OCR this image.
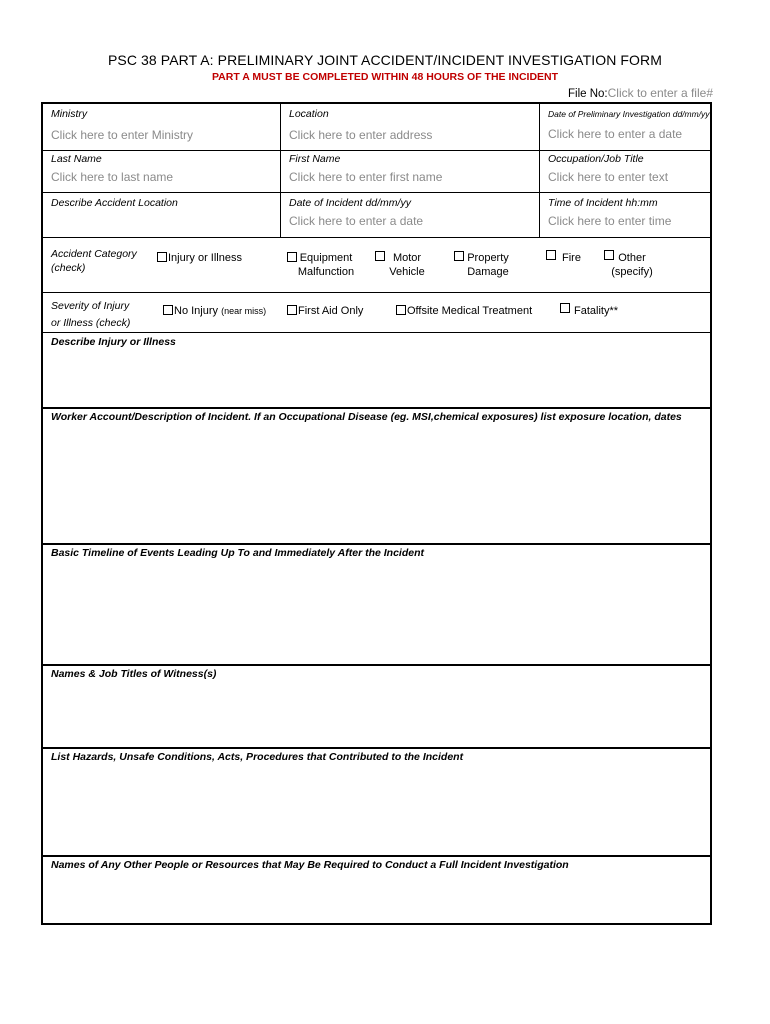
PSC 38 PART A: PRELIMINARY JOINT ACCIDENT/INCIDENT INVESTIGATION FORM
PART A MUST BE COMPLETED WITHIN 48 HOURS OF THE INCIDENT
File No:Click to enter a file#
Ministry
Click here to enter Ministry
Location
Click here to enter address
Date of Preliminary Investigation dd/mm/yy
Click here to enter a date
Last Name
Click here to last name
First Name
Click here to enter first name
Occupation/Job Title
Click here to enter text
Describe Accident Location	Date of Incident dd/mm/yy
Click here to enter a date
Time of Incident hh:mm
Click here to enter time
Accident Category
(check)
Injury or Illness	Equipment
Malfunction
Motor
Vehicle
Property
Damage
Fire	Other
(specify)
Severity of Injury
or Illness (check)
No Injury (near miss)	First Aid Only	Offsite Medical Treatment	Fatality**
Describe Injury or Illness
Worker Account/Description of Incident. If an Occupational Disease (eg. MSI,chemical exposures) list exposure location, dates
Basic Timeline of Events Leading Up To and Immediately After the Incident
Names & Job Titles of Witness(s)
List Hazards, Unsafe Conditions, Acts, Procedures that Contributed to the Incident
Names of Any Other People or Resources that May Be Required to Conduct a Full Incident Investigation
